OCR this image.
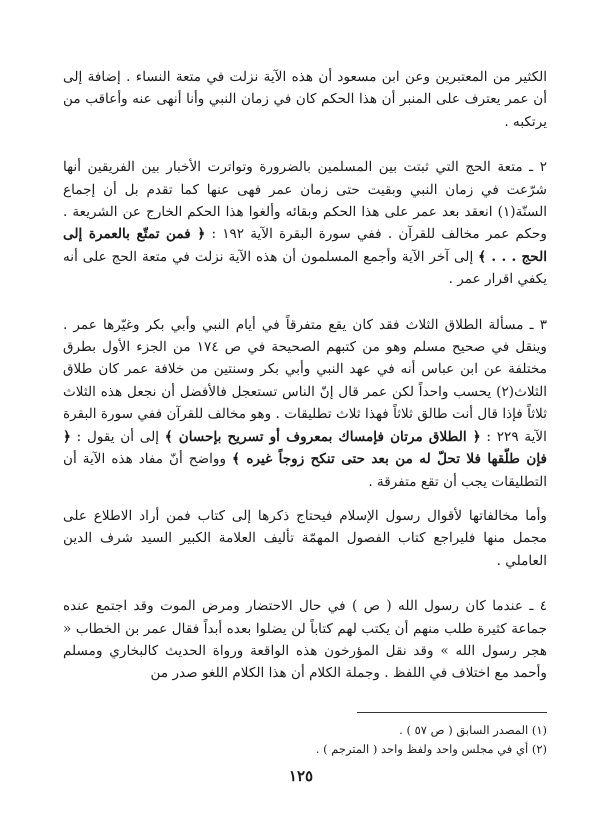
الكثير من المعتبرين وعن ابن مسعود أن هذه الآية نزلت في متعة النساء . إضافة إلى أن عمر يعترف على المنبر أن هذا الحكم كان في زمان النبي وأنا أنهى عنه وأعاقب من يرتكبه .

٢ ـ متعة الحج التي ثبتت بين المسلمين بالضرورة وتواترت الأخبار بين الفريقين أنها شرّعت في زمان النبي وبقيت حتى زمان عمر فهى عنها كما تقدم بل أن إجماع السنّة(١) انعقد بعد عمر على هذا الحكم وبقائه وألغوا هذا الحكم الخارج عن الشريعة . وحكم عمر مخالف للقرآن . ففي سورة البقرة الآية ١٩٢ : ﴿ فمن تمتّع بالعمرة إلى الحج . . . ﴾ إلى آخر الآية وأجمع المسلمون أن هذه الآية نزلت في متعة الحج على أنه يكفي اقرار عمر .

٣ ـ مسألة الطلاق الثلاث فقد كان يقع متفرقاً في أيام النبي وأبي بكر وغيّرها عمر . وينقل في صحيح مسلم وهو من كتبهم الصحيحة في ص ١٧٤ من الجزء الأول بطرق مختلفة عن ابن عباس أنه في عهد النبي وأبي بكر وسنتين من خلافة عمر كان طلاق الثلاث(٢) يحسب واحداً لكن عمر قال إنّ الناس تستعجل فالأفضل أن نجعل هذه الثلاث ثلاثاً فإذا قال أنت طالق ثلاثاً فهذا ثلاث تطليقات . وهو مخالف للقرآن ففي سورة البقرة الآية ٢٢٩ : ﴿ الطلاق مرتان فإمساك بمعروف أو تسريح بإحسان ﴾ إلى أن يقول : ﴿ فإن طلّقها فلا تحلّ له من بعد حتى تنكح زوجاً غيره ﴾ وواضح أنّ مفاد هذه الآية أن التطليقات يجب أن تقع متفرقة .

وأما مخالفاتها لأقوال رسول الإسلام فيحتاج ذكرها إلى كتاب فمن أراد الاطلاع على مجمل منها فليراجع كتاب الفصول المهمّة تأليف العلامة الكبير السيد شرف الدين العاملي .

٤ ـ عندما كان رسول الله ( ص ) في حال الاحتضار ومرض الموت وقد اجتمع عنده جماعة كثيرة طلب منهم أن يكتب لهم كتاباً لن يضلوا بعده أبداً فقال عمر بن الخطاب « هجر رسول الله » وقد نقل المؤرخون هذه الواقعة ورواة الحديث كالبخاري ومسلم وأحمد مع اختلاف في اللفظ . وجملة الكلام أن هذا الكلام اللغو صدر من

(١) المصدر السابق ( ص ٥٧ ) .

(٢) أي في مجلس واحد ولفظ واحد ( المترجم ) .

١٢٥
